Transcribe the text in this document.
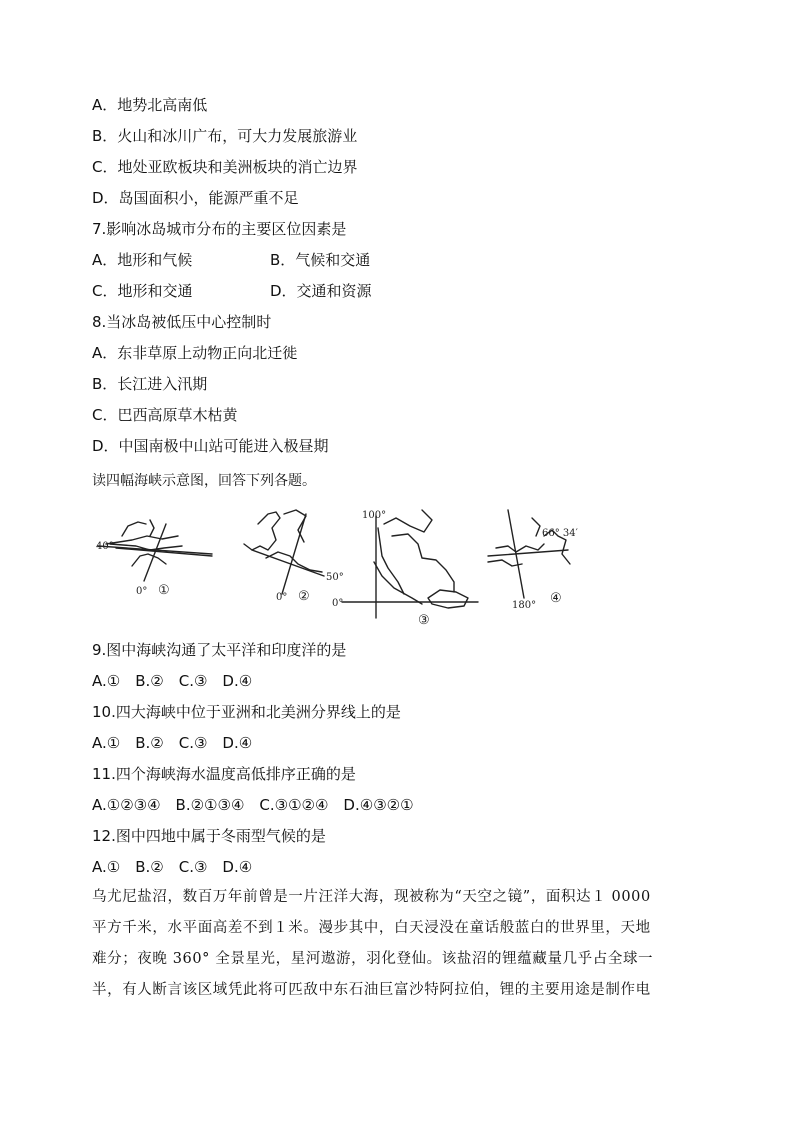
A．地势北高南低
B．火山和冰川广布，可大力发展旅游业
C．地处亚欧板块和美洲板块的消亡边界
D．岛国面积小，能源严重不足
7.影响冰岛城市分布的主要区位因素是
A．地形和气候	B．气候和交通
C．地形和交通	D．交通和资源
8.当冰岛被低压中心控制时
A．东非草原上动物正向北迁徙
B．长江进入汛期
C．巴西高原草木枯黄
D．中国南极中山站可能进入极昼期
读四幅海峡示意图，回答下列各题。
40°
0° ①	0° ②
50°
100°
0°
③
66° 34′
180° ④
9.图中海峡沟通了太平洋和印度洋的是
A.①　B.②　C.③　D.④
10.四大海峡中位于亚洲和北美洲分界线上的是
A.①　B.②　C.③　D.④
11.四个海峡海水温度高低排序正确的是
A.①②③④　B.②①③④　C.③①②④　D.④③②①
12.图中四地中属于冬雨型气候的是
A.①　B.②　C.③　D.④
乌尤尼盐沼，数百万年前曾是一片汪洋大海，现被称为“天空之镜”，面积达１ 0000
平方千米，水平面高差不到１米。漫步其中，白天浸没在童话般蓝白的世界里，天地
难分；夜晚 360° 全景星光，星河遨游，羽化登仙。该盐沼的锂蕴藏量几乎占全球一
半，有人断言该区域凭此将可匹敌中东石油巨富沙特阿拉伯，锂的主要用途是制作电
